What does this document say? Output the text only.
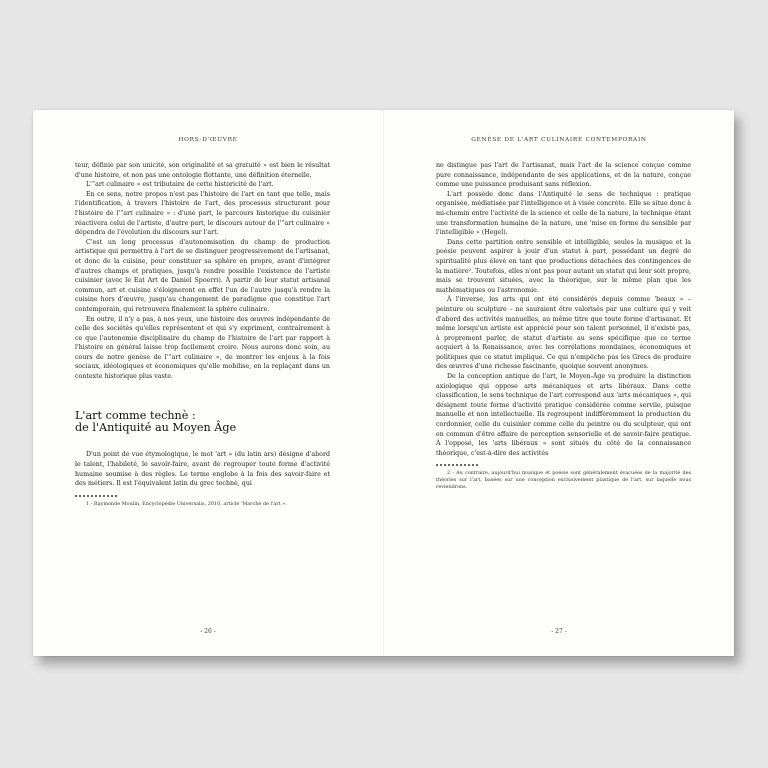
HORS-D'ŒUVRE

teur, définie par son unicité, son originalité et sa gratuité » est bien le résultat d'une histoire, et non pas une ontologie flottante, une définition éternelle.

L'“art culinaire » est tributaire de cette historicité de l'art.

En ce sens, notre propos n'est pas l'histoire de l'art en tant que telle, mais l'identification, à travers l'histoire de l'art, des processus structurant pour l'histoire de l'“art culinaire » : d'une part, le parcours historique du cuisinier réactivera celui de l'artiste, d'autre part, le discours autour de l'“art culinaire » dépendra de l'évolution du discours sur l'art.

C'est un long processus d'autonomisation du champ de production artistique qui permettra à l'art de se distinguer progressivement de l'artisanat, et donc de la cuisine, pour constituer sa sphère en propre, avant d'intégrer d'autres champs et pratiques, jusqu'à rendre possible l'existence de l'artiste cuisinier (avec le Eat Art de Daniel Spoerri). À partir de leur statut artisanal commun, art et cuisine s'éloigneront en effet l'un de l'autre jusqu'à rendre la cuisine hors d'œuvre, jusqu'au changement de paradigme que constitue l'art contemporain, qui retrouvera finalement la sphère culinaire.

En outre, il n'y a pas, à nos yeux, une histoire des œuvres indépendante de celle des sociétés qu'elles représentent et qui s'y expriment, contrairement à ce que l'autonomie disciplinaire du champ de l'histoire de l'art par rapport à l'histoire en général laisse trop facilement croire. Nous aurons donc soin, au cours de notre genèse de l'“art culinaire », de montrer les enjeux à la fois sociaux, idéologiques et économiques qu'elle mobilise, en la replaçant dans un contexte historique plus vaste.

L'art comme technè :
de l'Antiquité au Moyen Âge

D'un point de vue étymologique, le mot 'art » (du latin ars) désigne d'abord le talent, l'habileté, le savoir-faire, avant de regrouper toute forme d'activité humaine soumise à des règles. Le terme englobe à la fois des savoir-faire et des métiers. Il est l'équivalent latin du grec technè, qui

1 - Raymonde Moulin, Encyclopédie Universalis, 2010, article 'Marché de l'art ».

- 26 -
GENÈSE DE L'ART CULINAIRE CONTEMPORAIN

ne distingue pas l'art de l'artisanat, mais l'art de la science conçue comme pure connaissance, indépendante de ses applications, et de la nature, conçue comme une puissance produisant sans réflexion.

L'art possède donc dans l'Antiquité le sens de technique : pratique organisée, médiatisée par l'intelligence et à visée concrète. Elle se situe donc à mi-chemin entre l'activité de la science et celle de la nature, la technique étant une transformation humaine de la nature, une 'mise en forme du sensible par l'intelligible » (Hegel).

Dans cette partition entre sensible et intelligible, seules la musique et la poésie peuvent aspirer à jouir d'un statut à part, possédant un degré de spiritualité plus élevé en tant que productions détachées des contingences de la matière². Toutefois, elles n'ont pas pour autant un statut qui leur soit propre, mais se trouvent situées, avec la théorique, sur le même plan que les mathématiques ou l'astronomie.

À l'inverse, les arts qui ont été considérés depuis comme 'beaux » – peinture ou sculpture – ne sauraient être valorisés par une culture qui y voit d'abord des activités manuelles, au même titre que toute forme d'artisanat. Et même lorsqu'un artiste est apprécié pour son talent personnel, il n'existe pas, à proprement parler, de statut d'artiste au sens spécifique que ce terme acquiert à la Renaissance, avec les corrélations mondaines, économiques et politiques que ce statut implique. Ce qui n'empêche pas les Grecs de produire des œuvres d'une richesse fascinante, quoique souvent anonymes.

De la conception antique de l'art, le Moyen-Âge va produire la distinction axiologique qui oppose arts mécaniques et arts libéraux. Dans cette classification, le sens technique de l'art correspond aux 'arts mécaniques », qui désignent toute forme d'activité pratique considérée comme servile, puisque manuelle et non intellectuelle. Ils regroupent indifféremment la production du cordonnier, celle du cuisinier comme celle du peintre ou du sculpteur, qui ont en commun d'être affaire de perception sensorielle et de savoir-faire pratique. À l'opposé, les 'arts libéraux » sont situés du côté de la connaissance théorique, c'est-à-dire des activités

2 - Au contraire, aujourd'hui musique et poésie sont généralement évacuées de la majorité des théories sur l'art, basées sur une conception exclusivement plastique de l'art, sur laquelle nous reviendrons.

- 27 -
